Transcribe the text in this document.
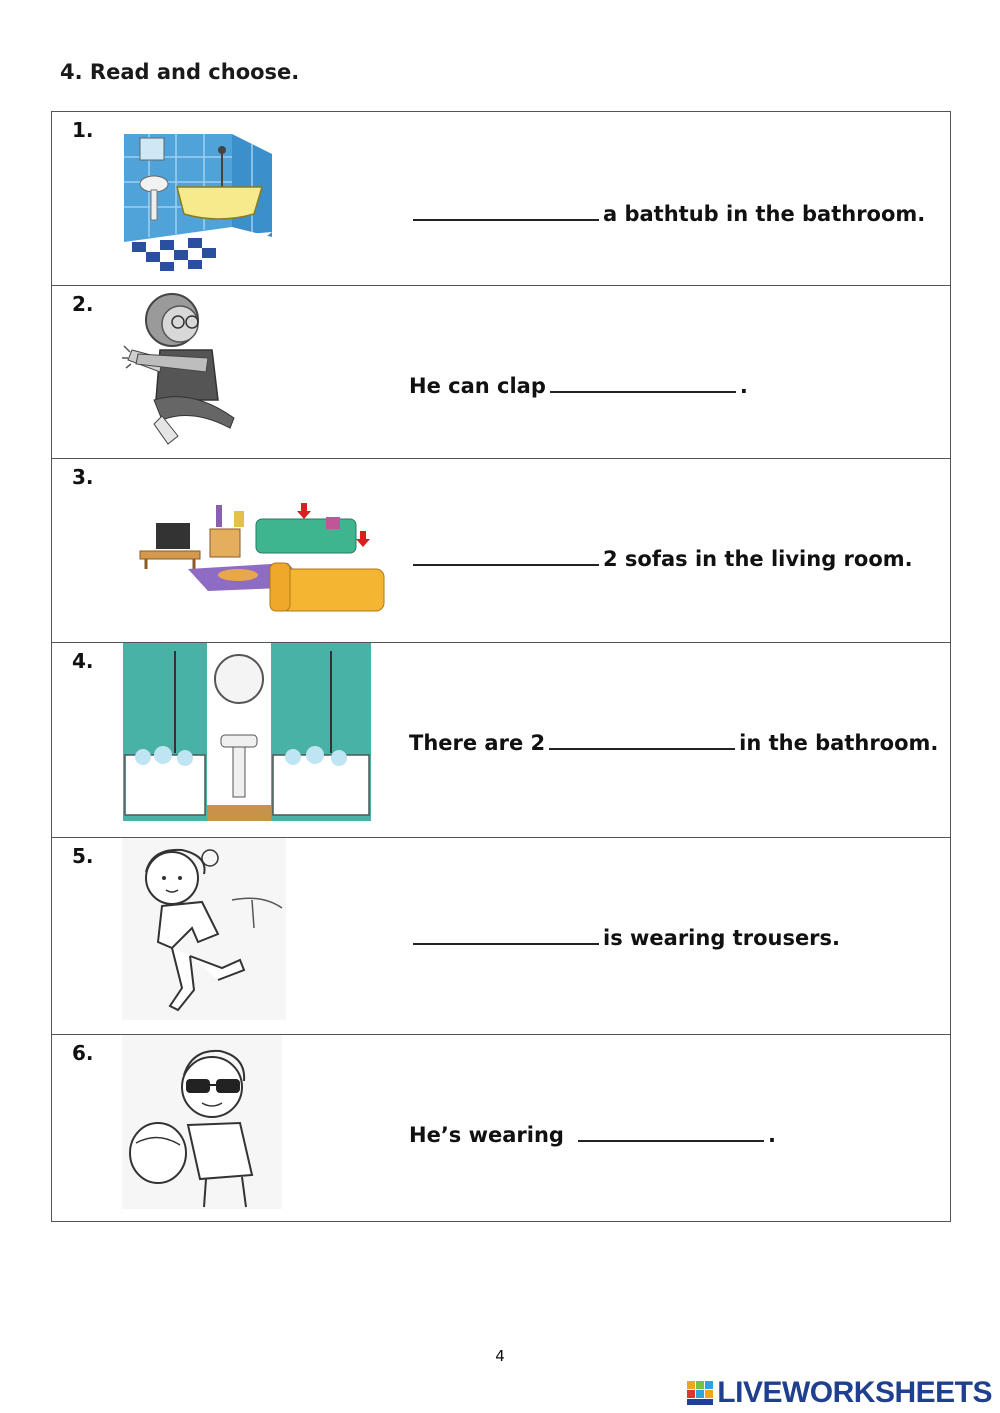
4. Read and choose.
1.
a bathtub in the bathroom.
2.
He can clap	.
3.
2 sofas in the living room.
4.
There are 2	in the bathroom.
5.
is wearing trousers.
6.
He’s wearing	.
4
LIVEWORKSHEETS
